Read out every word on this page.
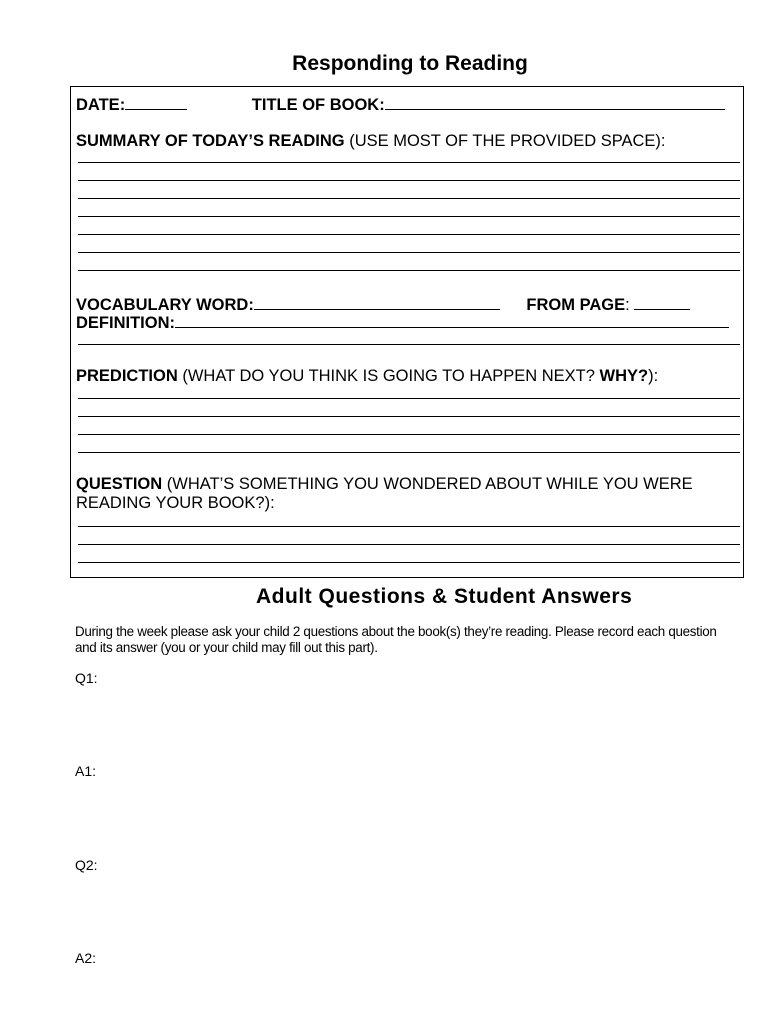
Responding to Reading
DATE:	TITLE OF BOOK:
SUMMARY OF TODAY’S READING (USE MOST OF THE PROVIDED SPACE):
VOCABULARY WORD:	FROM PAGE:
DEFINITION:
PREDICTION (WHAT DO YOU THINK IS GOING TO HAPPEN NEXT? WHY?):
QUESTION (WHAT’S SOMETHING YOU WONDERED ABOUT WHILE YOU WERE
READING YOUR BOOK?):
Adult Questions & Student Answers
During the week please ask your child 2 questions about the book(s) they’re reading. Please record each question and its answer (you or your child may fill out this part).
Q1:
A1:
Q2:
A2:
